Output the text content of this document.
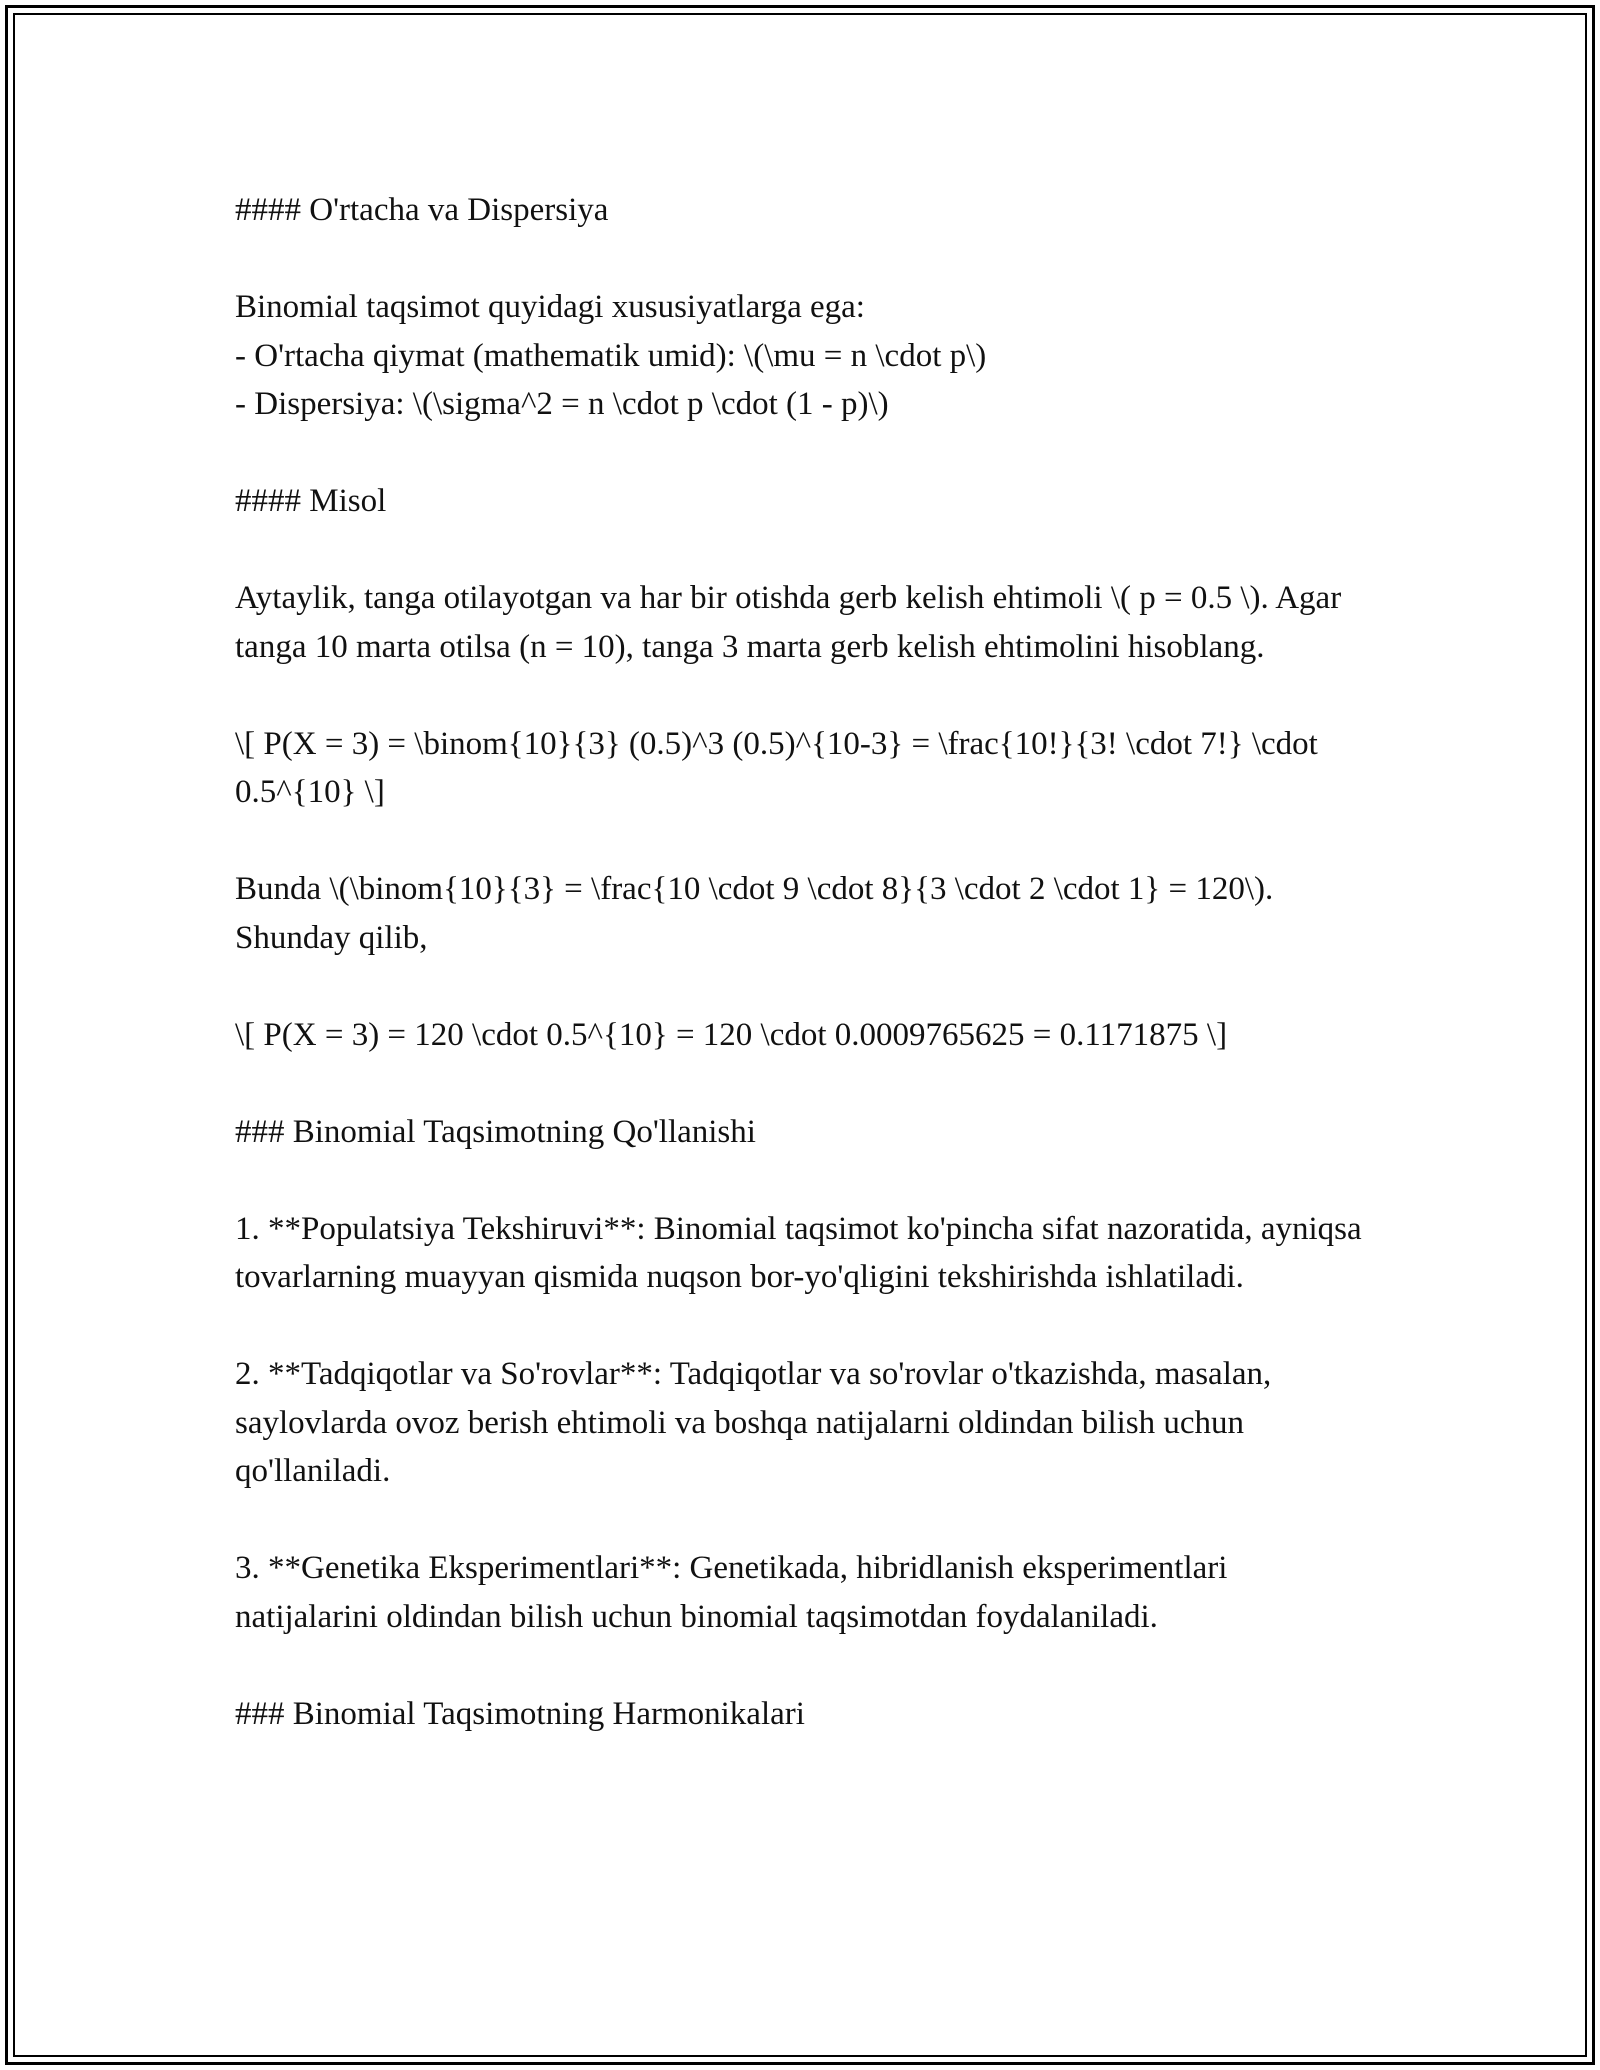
#### O'rtacha va Dispersiya

Binomial taqsimot quyidagi xususiyatlarga ega:
- O'rtacha qiymat (mathematik umid): \(\mu = n \cdot p\)
- Dispersiya: \(\sigma^2 = n \cdot p \cdot (1 - p)\)

#### Misol

Aytaylik, tanga otilayotgan va har bir otishda gerb kelish ehtimoli \( p = 0.5 \). Agar tanga 10 marta otilsa (n = 10), tanga 3 marta gerb kelish ehtimolini hisoblang.

\[ P(X = 3) = \binom{10}{3} (0.5)^3 (0.5)^{10-3} = \frac{10!}{3! \cdot 7!} \cdot 0.5^{10} \]

Bunda \(\binom{10}{3} = \frac{10 \cdot 9 \cdot 8}{3 \cdot 2 \cdot 1} = 120\). Shunday qilib,

\[ P(X = 3) = 120 \cdot 0.5^{10} = 120 \cdot 0.0009765625 = 0.1171875 \]

### Binomial Taqsimotning Qo'llanishi

1. **Populatsiya Tekshiruvi**: Binomial taqsimot ko'pincha sifat nazoratida, ayniqsa tovarlarning muayyan qismida nuqson bor-yo'qligini tekshirishda ishlatiladi.

2. **Tadqiqotlar va So'rovlar**: Tadqiqotlar va so'rovlar o'tkazishda, masalan, saylovlarda ovoz berish ehtimoli va boshqa natijalarni oldindan bilish uchun qo'llaniladi.

3. **Genetika Eksperimentlari**: Genetikada, hibridlanish eksperimentlari natijalarini oldindan bilish uchun binomial taqsimotdan foydalaniladi.

### Binomial Taqsimotning Harmonikalari
